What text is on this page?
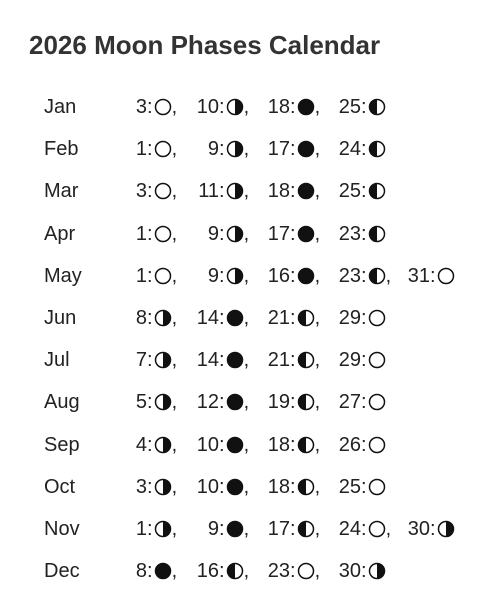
2026 Moon Phases Calendar
Jan	3 : , 10 : , 18 : , 25 :
Feb	1 : ,	9 : , 17 : , 24 :
Mar	3 : ,	11 : , 18 : , 25 :
Apr	1 : ,	9 : , 17 : , 23 :
May	1 : ,	9 : , 16 : , 23 : , 31 :
Jun	8 : , 14 : , 21 : , 29 :
Jul	7 : , 14 : , 21 : , 29 :
Aug	5 : , 12 : , 19 : , 27 :
Sep	4 : , 10 : , 18 : , 26 :
Oct	3 : , 10 : , 18 : , 25 :
Nov	1 : ,	9 : , 17 : , 24 : , 30 :
Dec	8 : , 16 : , 23 : , 30 :
